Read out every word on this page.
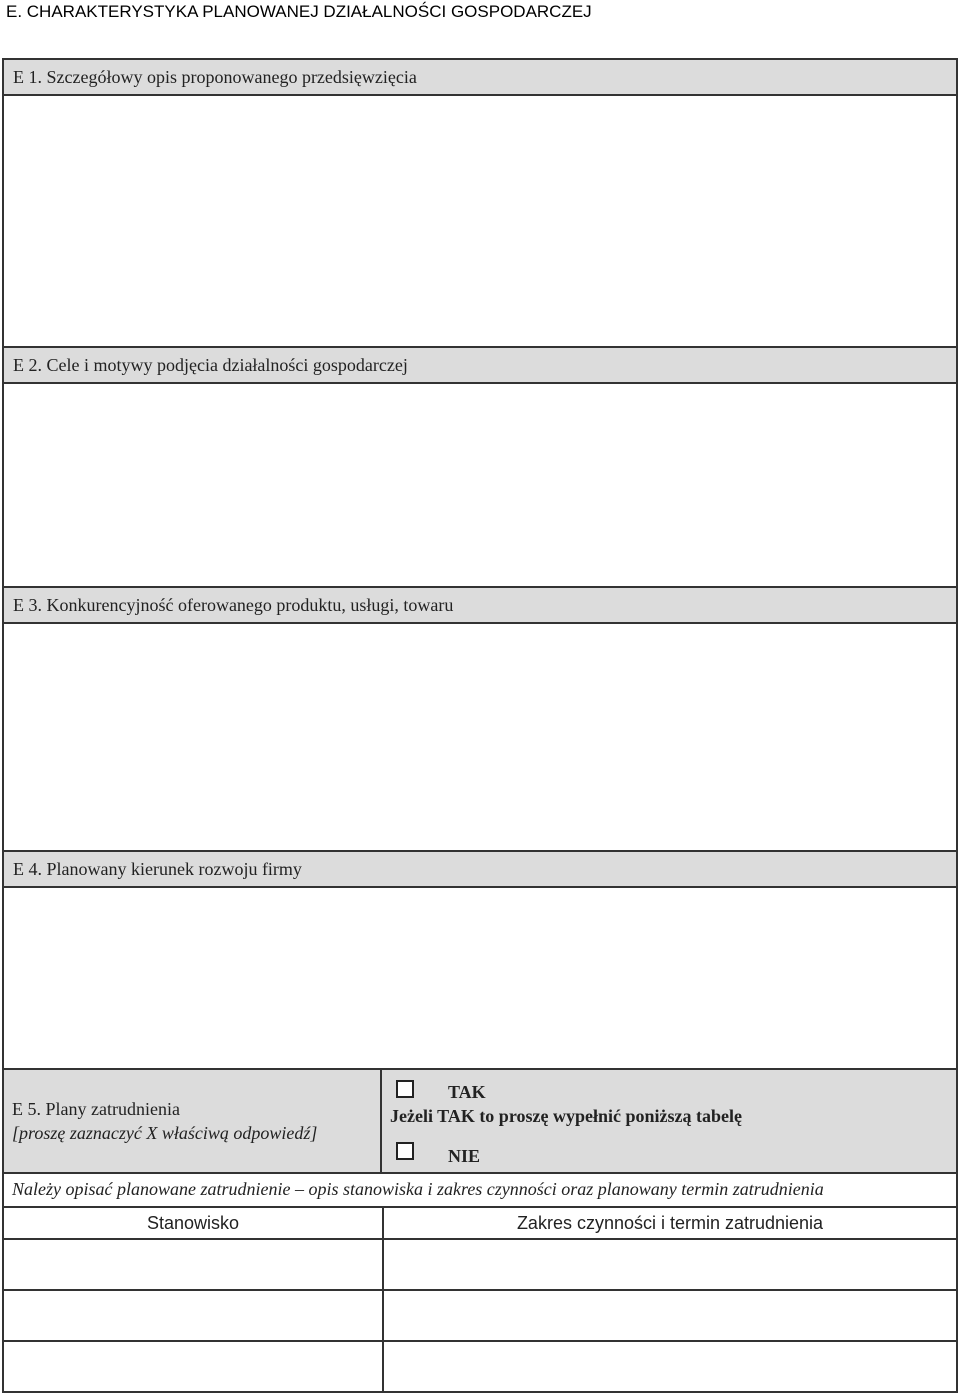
E. CHARAKTERYSTYKA PLANOWANEJ DZIAŁALNOŚCI GOSPODARCZEJ
E 1. Szczegółowy opis proponowanego przedsięwzięcia
E 2. Cele i motywy podjęcia działalności gospodarczej
E 3. Konkurencyjność oferowanego produktu, usługi, towaru
E 4. Planowany kierunek rozwoju firmy
E 5. Plany zatrudnienia
[proszę zaznaczyć X właściwą odpowiedź]
TAK
Jeżeli TAK to proszę wypełnić poniższą tabelę
NIE
Należy opisać planowane zatrudnienie – opis stanowiska i zakres czynności oraz planowany termin zatrudnienia
Stanowisko	Zakres czynności i termin zatrudnienia
